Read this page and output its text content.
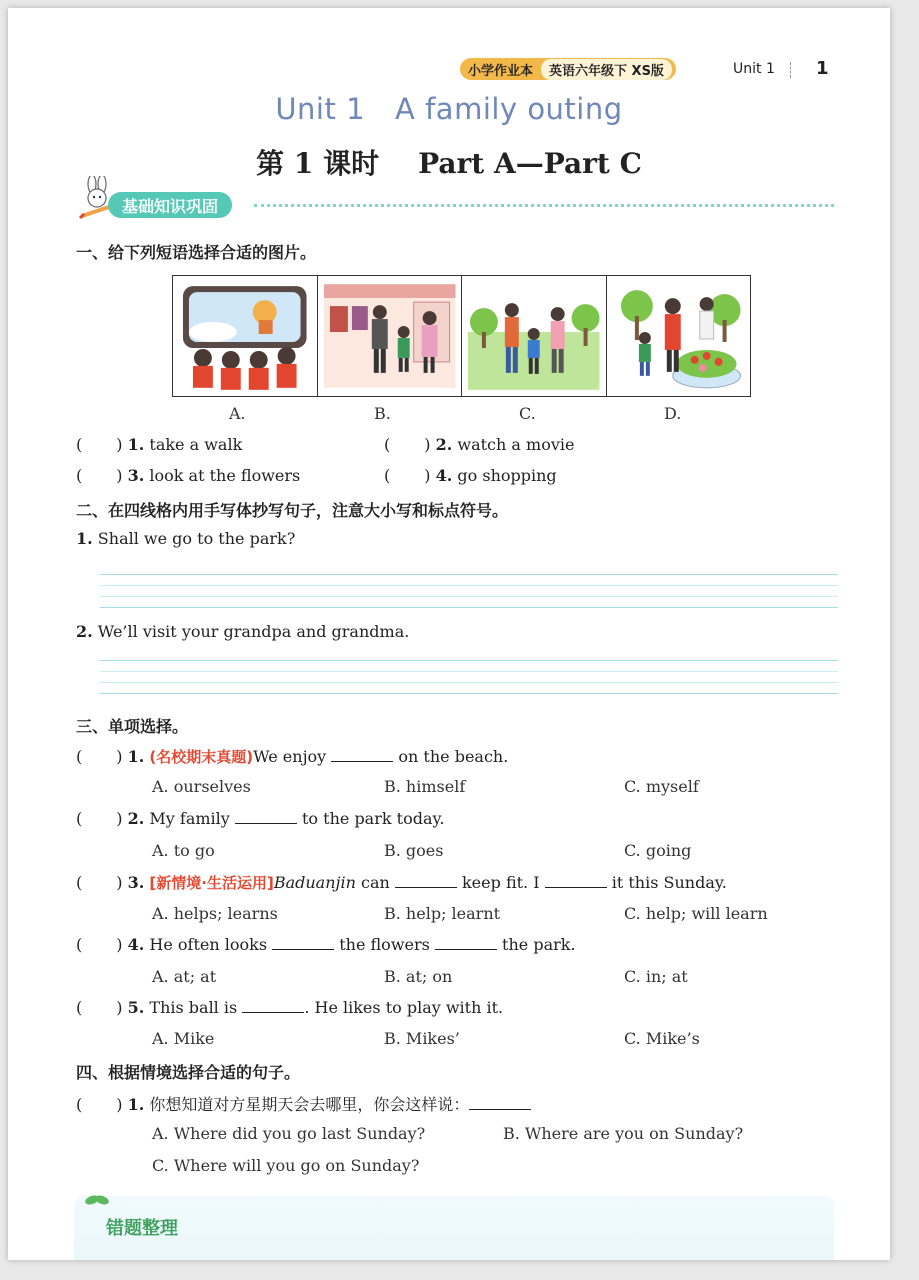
小学作业本	英语六年级下 XS版	Unit 1 1
Unit 1 A family outing
第 1 课时    Part A—Part C
基础知识巩固
一、给下列短语选择合适的图片。
A.	B.	C.	D.
( ) 1. take a walk	( ) 2. watch a movie
( ) 3. look at the flowers	( ) 4. go shopping
二、在四线格内用手写体抄写句子，注意大小写和标点符号。
1. Shall we go to the park?
2. We’ll visit your grandpa and grandma.
三、单项选择。
( ) 1. (名校期末真题)We enjoy	on the beach.
A. ourselves	B. himself	C. myself
( ) 2. My family	to the park today.
A. to go	B. goes	C. going
( ) 3. [新情境·生活运用]Baduanjin can	keep fit. I	it this Sunday.
A. helps; learns	B. help; learnt	C. help; will learn
( ) 4. He often looks	the flowers	the park.
A. at; at	B. at; on	C. in; at
( ) 5. This ball is	. He likes to play with it.
A. Mike	B. Mikes’	C. Mike’s
四、根据情境选择合适的句子。
( ) 1. 你想知道对方星期天会去哪里，你会这样说：
A. Where did you go last Sunday?	B. Where are you on Sunday?
C. Where will you go on Sunday?
错题整理
